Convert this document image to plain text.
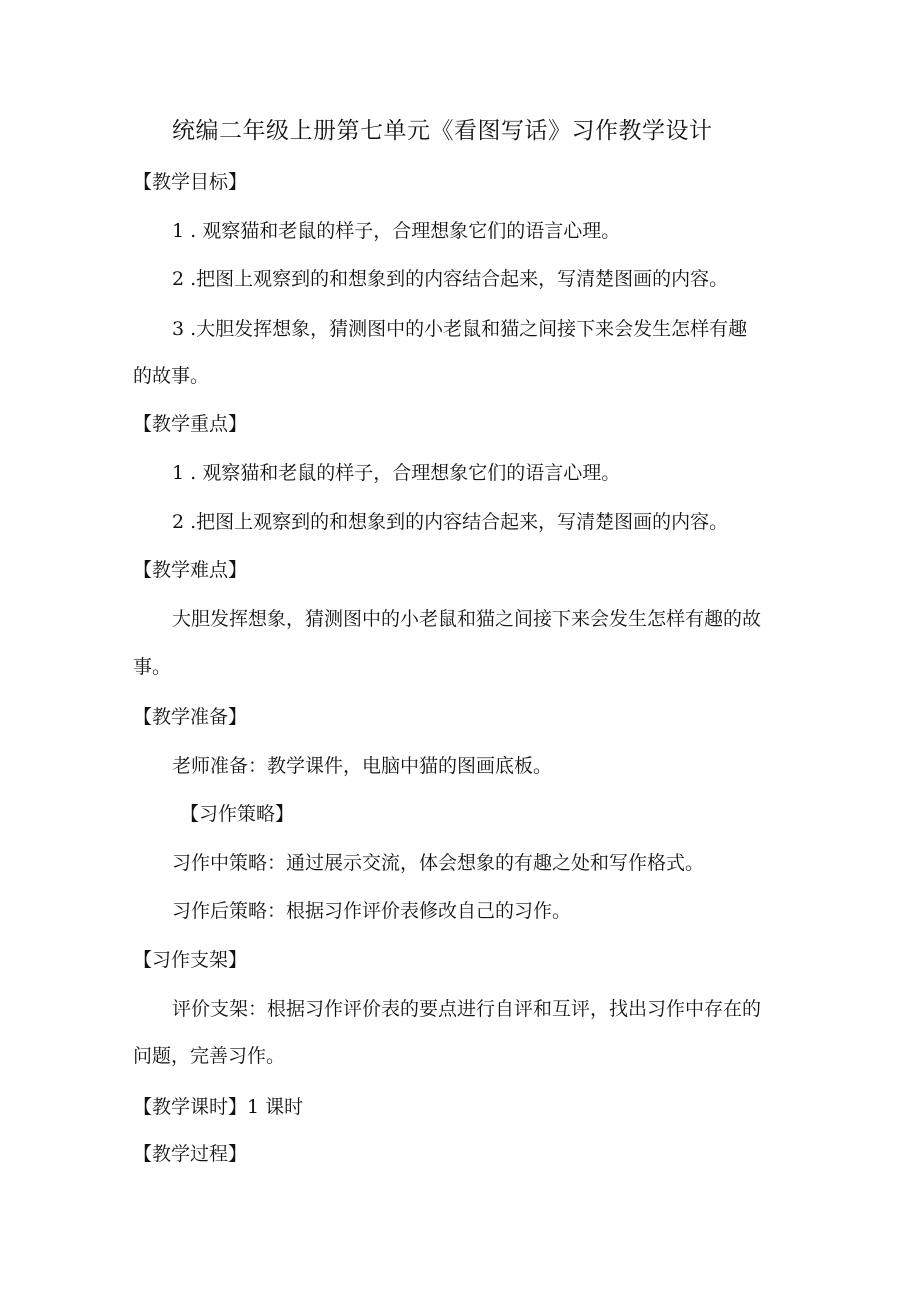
统编二年级上册第七单元《看图写话》习作教学设计
【教学目标】
1 . 观察猫和老鼠的样子，合理想象它们的语言心理。
2 .把图上观察到的和想象到的内容结合起来，写清楚图画的内容。
3 .大胆发挥想象，猜测图中的小老鼠和猫之间接下来会发生怎样有趣
的故事。
【教学重点】
1 . 观察猫和老鼠的样子，合理想象它们的语言心理。
2 .把图上观察到的和想象到的内容结合起来，写清楚图画的内容。
【教学难点】
大胆发挥想象，猜测图中的小老鼠和猫之间接下来会发生怎样有趣的故
事。
【教学准备】
老师准备：教学课件，电脑中猫的图画底板。
【习作策略】
习作中策略：通过展示交流，体会想象的有趣之处和写作格式。
习作后策略：根据习作评价表修改自己的习作。
【习作支架】
评价支架：根据习作评价表的要点进行自评和互评，找出习作中存在的
问题，完善习作。
【教学课时】1 课时
【教学过程】
